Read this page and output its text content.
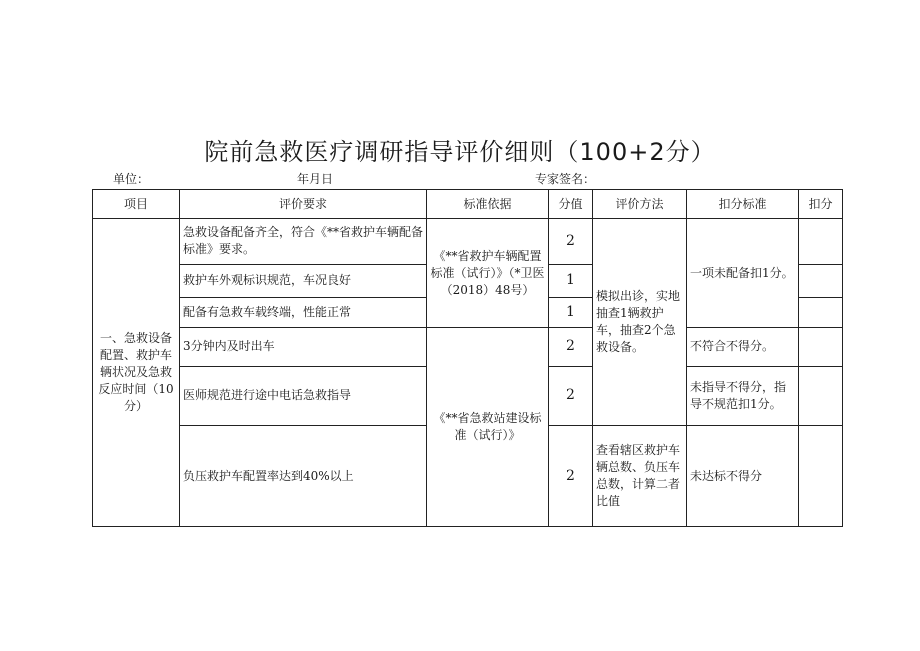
院前急救医疗调研指导评价细则（100+2分）
单位：	年月日	专家签名：
项目	评价要求	标准依据	分值	评价方法	扣分标准	扣分
一、急救设备配置、救护车辆状况及急救反应时间（10分）	急救设备配备齐全，符合《**省救护车辆配备标准》要求。	《**省救护车辆配置标准（试行）》（*卫医（2018）48号）	2	模拟出诊，实地抽查1辆救护车，抽查2个急救设备。	一项未配备扣1分。	
	救护车外观标识规范，车况良好		1			
	配备有急救车载终端，性能正常		1			
	3分钟内及时出车	《**省急救站建设标准（试行）》	2		不符合不得分。	
	医师规范进行途中电话急救指导		2		未指导不得分，指导不规范扣1分。	
	负压救护车配置率达到40%以上		2	查看辖区救护车辆总数、负压车总数，计算二者比值	未达标不得分	
